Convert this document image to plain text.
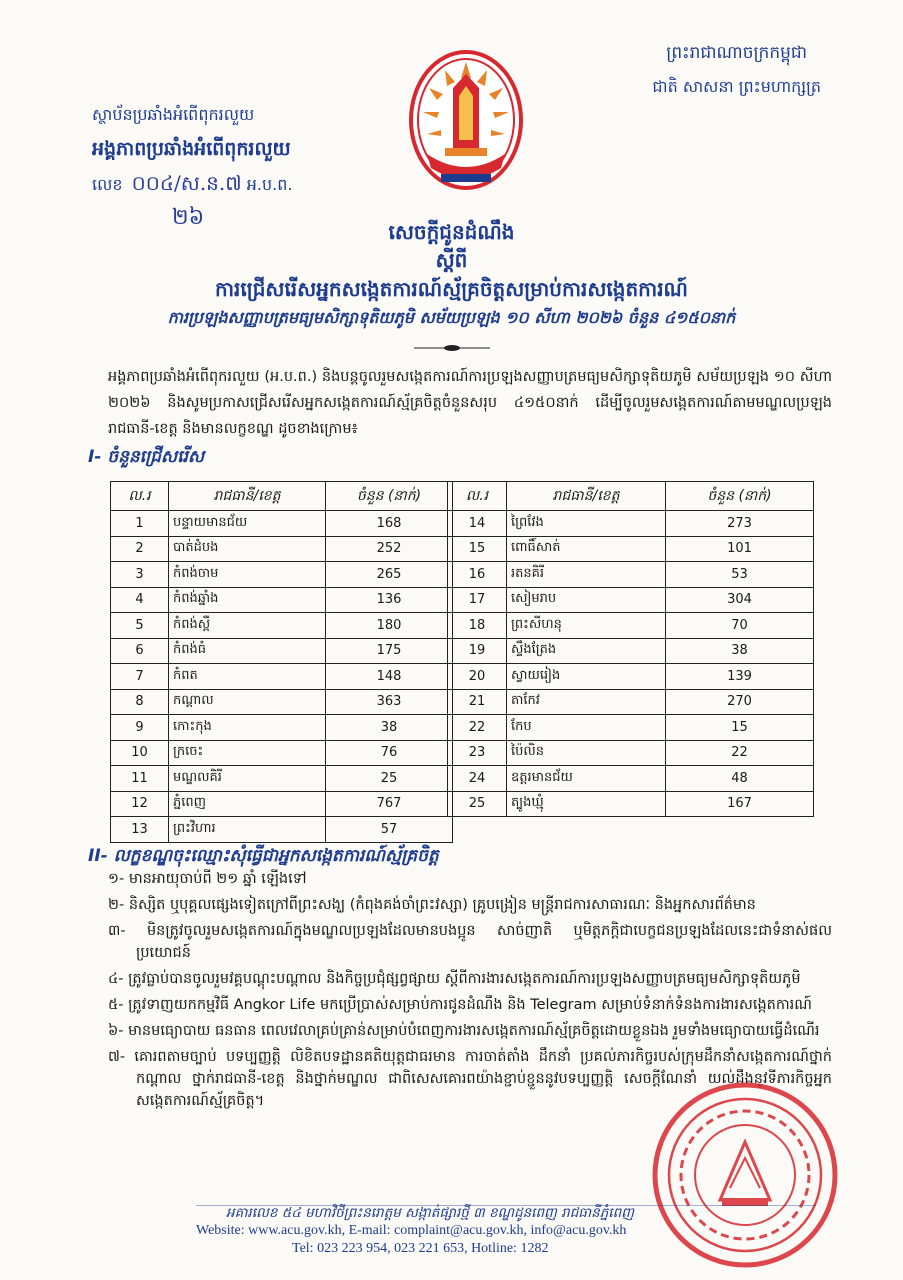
ព្រះរាជាណាចក្រកម្ពុជា
ជាតិ សាសនា ព្រះមហាក្សត្រ
ស្ថាប័នប្រឆាំងអំពើពុករលួយ
អង្គភាពប្រឆាំងអំពើពុករលួយ
លេខ ០០៤/ស.ន.៧ អ.ប.ព.
២៦
សេចក្តីជូនដំណឹង
ស្តីពី
ការជ្រើសរើសអ្នកសង្កេតការណ៍ស្ម័គ្រចិត្តសម្រាប់ការសង្កេតការណ៍
ការប្រឡងសញ្ញាបត្រមធ្យមសិក្សាទុតិយភូមិ សម័យប្រឡង ១០ សីហា ២០២៦ ចំនួន ៤១៥០នាក់
អង្គភាពប្រឆាំងអំពើពុករលួយ (អ.ប.ព.) និងបន្តចូលរួមសង្កេតការណ៍ការប្រឡងសញ្ញាបត្រមធ្យមសិក្សាទុតិយភូមិ សម័យប្រឡង ១០ សីហា ២០២៦ និងសូមប្រកាសជ្រើសរើសអ្នកសង្កេតការណ៍ស្ម័គ្រចិត្តចំនួនសរុប ៤១៥០នាក់ ដើម្បីចូលរួមសង្កេតការណ៍តាមមណ្ឌលប្រឡងរាជធានី-ខេត្ត និងមានលក្ខខណ្ឌ ដូចខាងក្រោម៖
I- ចំនួនជ្រើសរើស
ល.រ	រាជធានី/ខេត្ត	ចំនួន (នាក់)
1	បន្ទាយមានជ័យ	168
2	បាត់ដំបង	252
3	កំពង់ចាម	265
4	កំពង់ឆ្នាំង	136
5	កំពង់ស្ពឺ	180
6	កំពង់ធំ	175
7	កំពត	148
8	កណ្តាល	363
9	កោះកុង	38
10	ក្រចេះ	76
11	មណ្ឌលគិរី	25
12	ភ្នំពេញ	767
13	ព្រះវិហារ	57
ល.រ	រាជធានី/ខេត្ត	ចំនួន (នាក់)
14	ព្រៃវែង	273
15	ពោធិ៍សាត់	101
16	រតនគិរី	53
17	សៀមរាប	304
18	ព្រះសីហនុ	70
19	ស្ទឹងត្រែង	38
20	ស្វាយរៀង	139
21	តាកែវ	270
22	កែប	15
23	ប៉ៃលិន	22
24	ឧត្តរមានជ័យ	48
25	ត្បូងឃ្មុំ	167
II- លក្ខខណ្ឌចុះឈ្មោះសុំធ្វើជាអ្នកសង្កេតការណ៍ស្ម័គ្រចិត្ត
១- មានអាយុចាប់ពី ២១ ឆ្នាំ ឡើងទៅ
២- និស្សិត ឬបុគ្គលផ្សេងទៀតក្រៅពីព្រះសង្ឃ (កំពុងគង់ចាំព្រះវស្សា) គ្រូបង្រៀន មន្ត្រីរាជការសាធារណៈ និងអ្នកសារព័ត៌មាន
៣- មិនត្រូវចូលរួមសង្កេតការណ៍ក្នុងមណ្ឌលប្រឡងដែលមានបងប្អូន សាច់ញាតិ ឬមិត្តភក្តិជាបេក្ខជនប្រឡងដែលនេះជាទំនាស់ផលប្រយោជន៍
៤- ត្រូវធ្លាប់បានចូលរួមវគ្គបណ្តុះបណ្តាល និងកិច្ចប្រជុំផ្សព្វផ្សាយ ស្តីពីការងារសង្កេតការណ៍ការប្រឡងសញ្ញាបត្រមធ្យមសិក្សាទុតិយភូមិ
៥- ត្រូវទាញយកកម្មវិធី Angkor Life មកប្រើប្រាស់សម្រាប់ការជូនដំណឹង និង Telegram សម្រាប់ទំនាក់ទំនងការងារសង្កេតការណ៍
៦- មានមធ្យោបាយ ធនធាន ពេលវេលាគ្រប់គ្រាន់សម្រាប់បំពេញការងារសង្កេតការណ៍ស្ម័គ្រចិត្តដោយខ្លួនឯង រួមទាំងមធ្យោបាយធ្វើដំណើរ
៧- គោរពតាមច្បាប់ បទប្បញ្ញត្តិ លិខិតបទដ្ឋានគតិយុត្តជាធរមាន ការចាត់តាំង ដឹកនាំ ប្រគល់ភារកិច្ចរបស់ក្រុមដឹកនាំសង្កេតការណ៍ថ្នាក់កណ្តាល ថ្នាក់រាជធានី-ខេត្ត និងថ្នាក់មណ្ឌល ជាពិសេសគោរពយ៉ាងខ្ជាប់ខ្ជួននូវបទប្បញ្ញត្តិ សេចក្តីណែនាំ យល់ដឹងនូវទីភារកិច្ចអ្នកសង្កេតការណ៍ស្ម័គ្រចិត្ត។
អគារលេខ ៥៤ មហាវិថីព្រះនរោត្តម សង្កាត់ផ្សារថ្មី ៣ ខណ្ឌដូនពេញ រាជធានីភ្នំពេញ
Website: www.acu.gov.kh, E-mail: complaint@acu.gov.kh, info@acu.gov.kh
Tel: 023 223 954, 023 221 653, Hotline: 1282
